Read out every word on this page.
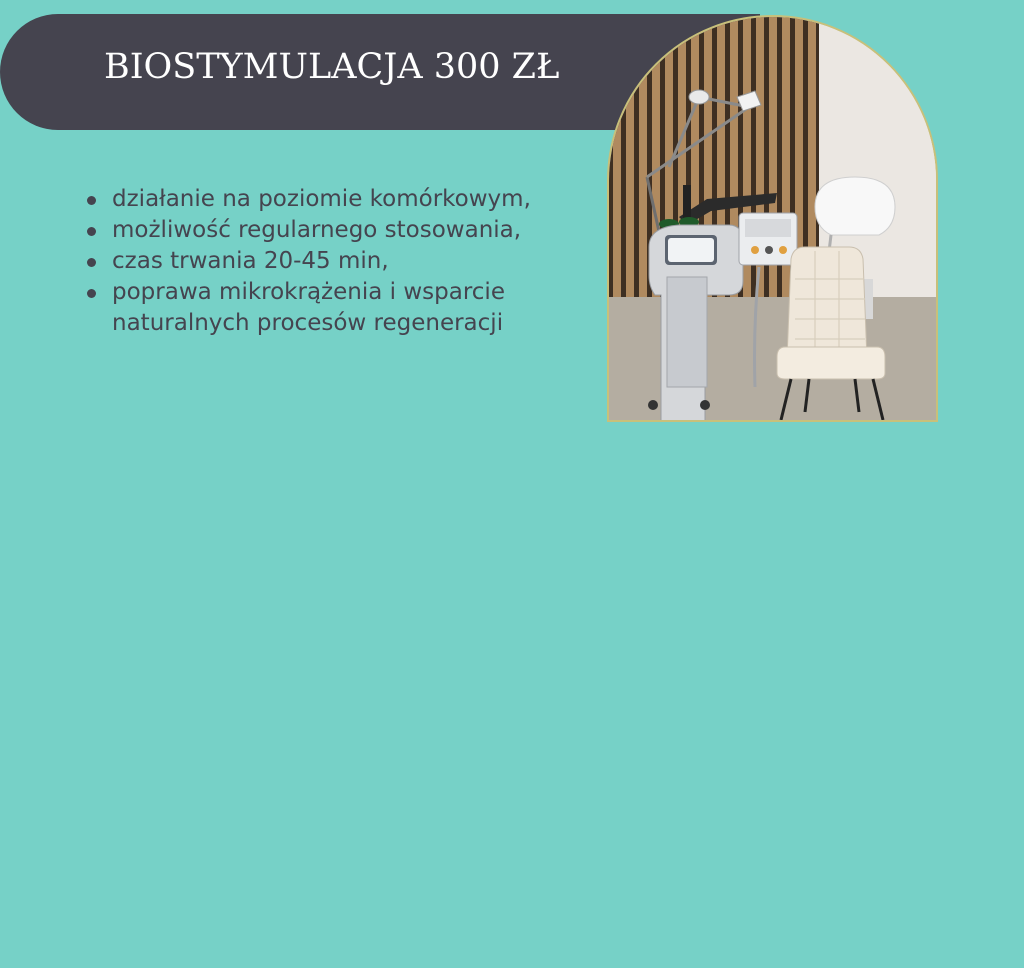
BIOSTYMULACJA 300 ZŁ
działanie na poziomie komórkowym,
możliwość regularnego stosowania,
czas trwania 20-45 min,
poprawa mikrokrążenia i wsparcie naturalnych procesów regeneracji
